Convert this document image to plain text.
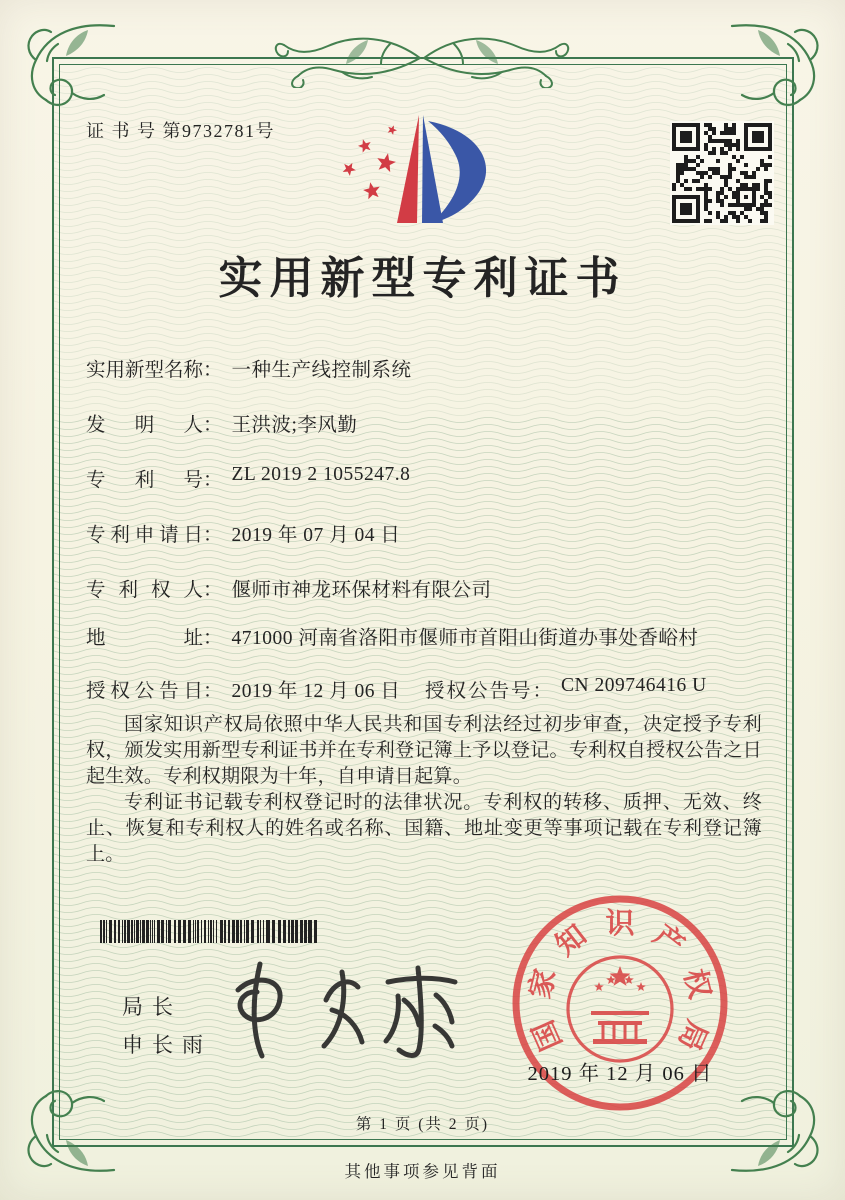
证 书 号 第9732781号
实用新型专利证书
实用新型名称： 一种生产线控制系统
发明人： 王洪波;李风勤
专利号： ZL 2019 2 1055247.8
专利申请日： 2019 年 07 月 04 日
专利权人： 偃师市神龙环保材料有限公司
地址： 471000 河南省洛阳市偃师市首阳山街道办事处香峪村
授权公告日： 2019 年 12 月 06 日 授权公告号： CN 209746416 U

国家知识产权局依照中华人民共和国专利法经过初步审查，决定授予专利权，颁发实用新型专利证书并在专利登记簿上予以登记。专利权自授权公告之日起生效。专利权期限为十年，自申请日起算。

专利证书记载专利权登记时的法律状况。专利权的转移、质押、无效、终止、恢复和专利权人的姓名或名称、国籍、地址变更等事项记载在专利登记簿上。

局长
申长雨	国
家
知 识 产
权
局
2019 年 12 月 06 日
第 1 页 (共 2 页)
其他事项参见背面
